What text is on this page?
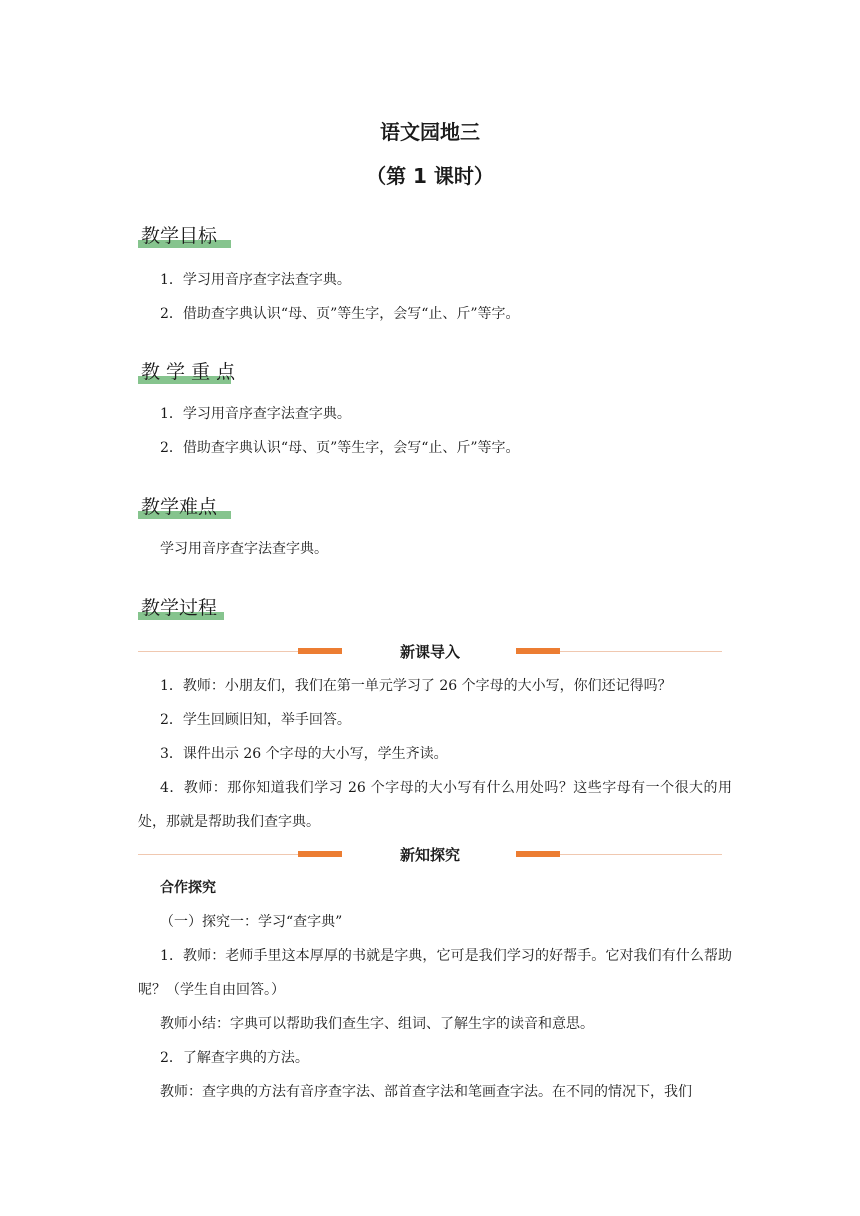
语文园地三
（第 1 课时）
教学目标
1．学习用音序查字法查字典。
2．借助查字典认识“母、页”等生字，会写“止、斤”等字。
教 学 重 点
1．学习用音序查字法查字典。
2．借助查字典认识“母、页”等生字，会写“止、斤”等字。
教学难点
学习用音序查字法查字典。
教学过程
新课导入
1．教师：小朋友们，我们在第一单元学习了 26 个字母的大小写，你们还记得吗？
2．学生回顾旧知，举手回答。
3．课件出示 26 个字母的大小写，学生齐读。
4．教师：那你知道我们学习 26 个字母的大小写有什么用处吗？这些字母有一个很大的用处，那就是帮助我们查字典。
新知探究
合作探究
（一）探究一：学习“查字典”
1．教师：老师手里这本厚厚的书就是字典，它可是我们学习的好帮手。它对我们有什么帮助呢？（学生自由回答。）
教师小结：字典可以帮助我们查生字、组词、了解生字的读音和意思。
2．了解查字典的方法。
教师：查字典的方法有音序查字法、部首查字法和笔画查字法。在不同的情况下，我们
